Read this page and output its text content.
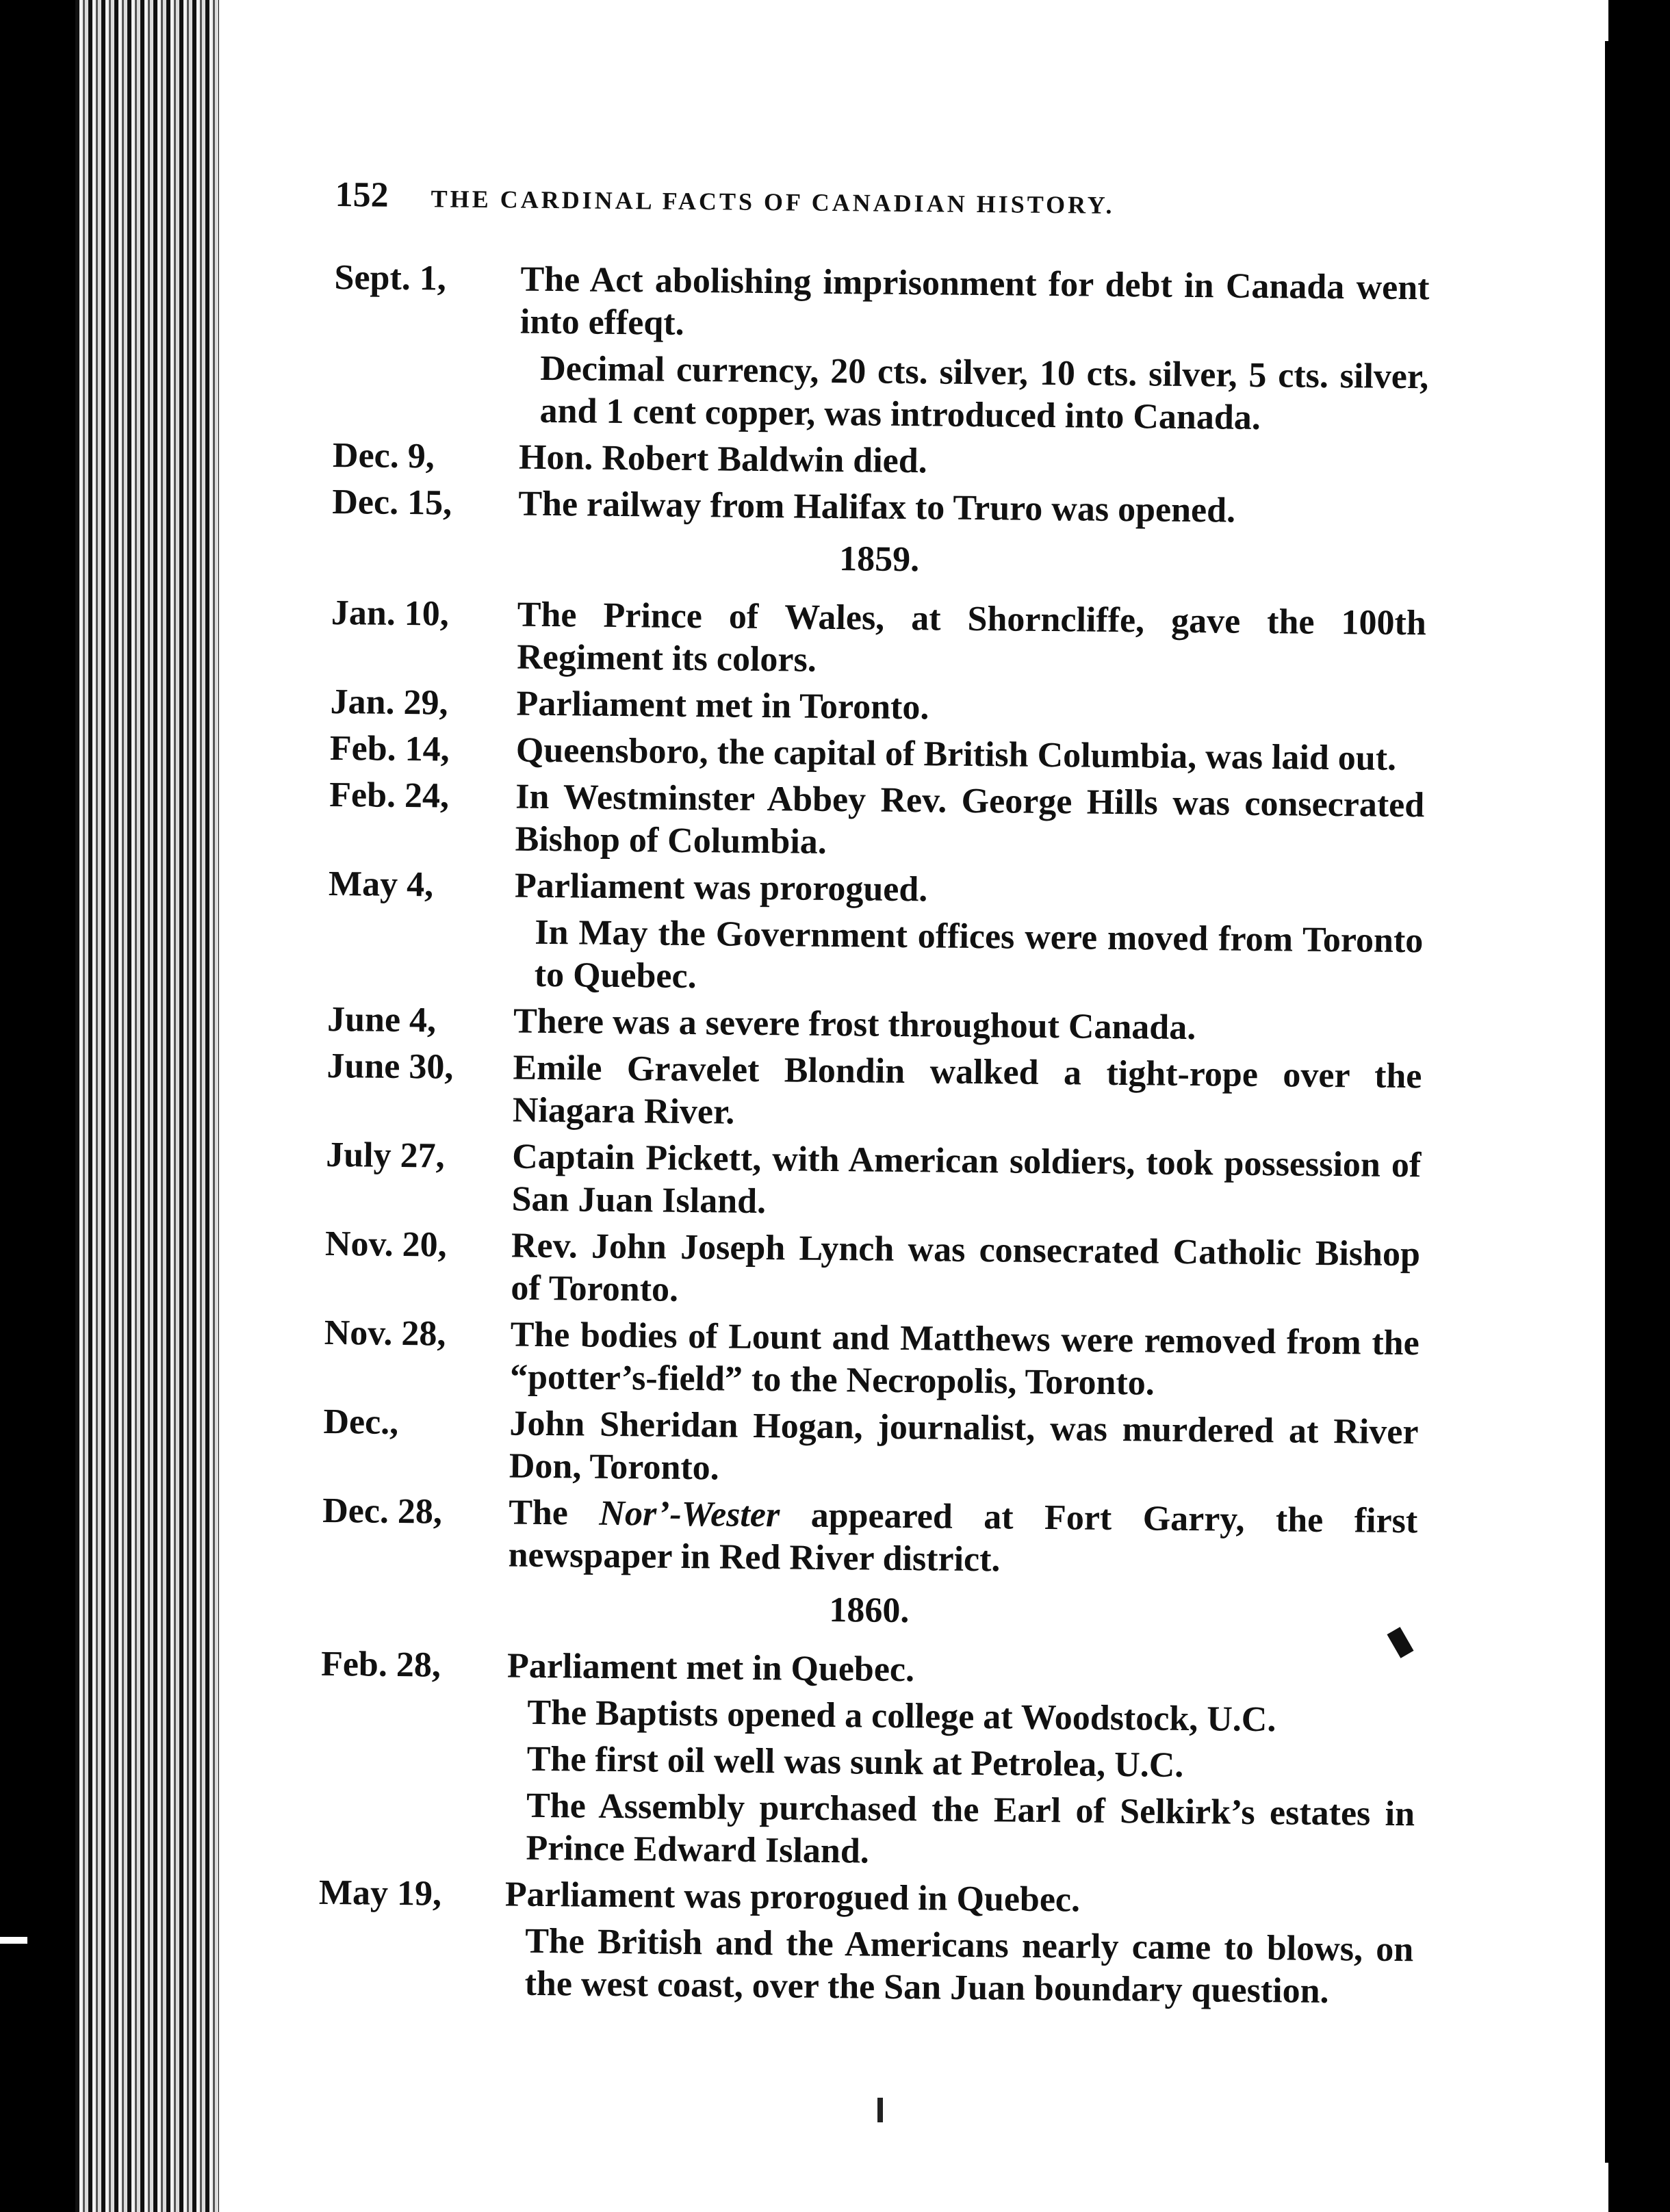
152	THE CARDINAL FACTS OF CANADIAN HISTORY.
Sept. 1, The Act abolishing imprisonment for debt in Canada went into effeqt.
Decimal currency, 20 cts. silver, 10 cts. silver, 5 cts. silver, and 1 cent copper, was introduced into Canada.
Dec. 9, Hon. Robert Baldwin died.
Dec. 15, The railway from Halifax to Truro was opened.
1859.
Jan. 10, The Prince of Wales, at Shorncliffe, gave the 100th Regiment its colors.
Jan. 29, Parliament met in Toronto.
Feb. 14, Queensboro, the capital of British Columbia, was laid out.
Feb. 24, In Westminster Abbey Rev. George Hills was consecrated Bishop of Columbia.
May 4, Parliament was prorogued.
In May the Government offices were moved from Toronto to Quebec.
June 4, There was a severe frost throughout Canada.
June 30, Emile Gravelet Blondin walked a tight-rope over the Niagara River.
July 27, Captain Pickett, with American soldiers, took possession of San Juan Island.
Nov. 20, Rev. John Joseph Lynch was consecrated Catholic Bishop of Toronto.
Nov. 28, The bodies of Lount and Matthews were removed from the “potter’s-field” to the Necropolis, Toronto.
Dec.,	John Sheridan Hogan, journalist, was murdered at River Don, Toronto.
Dec. 28, The Nor’-Wester appeared at Fort Garry, the first newspaper in Red River district.
1860.
Feb. 28, Parliament met in Quebec.
The Baptists opened a college at Woodstock, U.C.
The first oil well was sunk at Petrolea, U.C.
The Assembly purchased the Earl of Selkirk’s estates in Prince Edward Island.
May 19, Parliament was prorogued in Quebec.
The British and the Americans nearly came to blows, on the west coast, over the San Juan boundary question.
